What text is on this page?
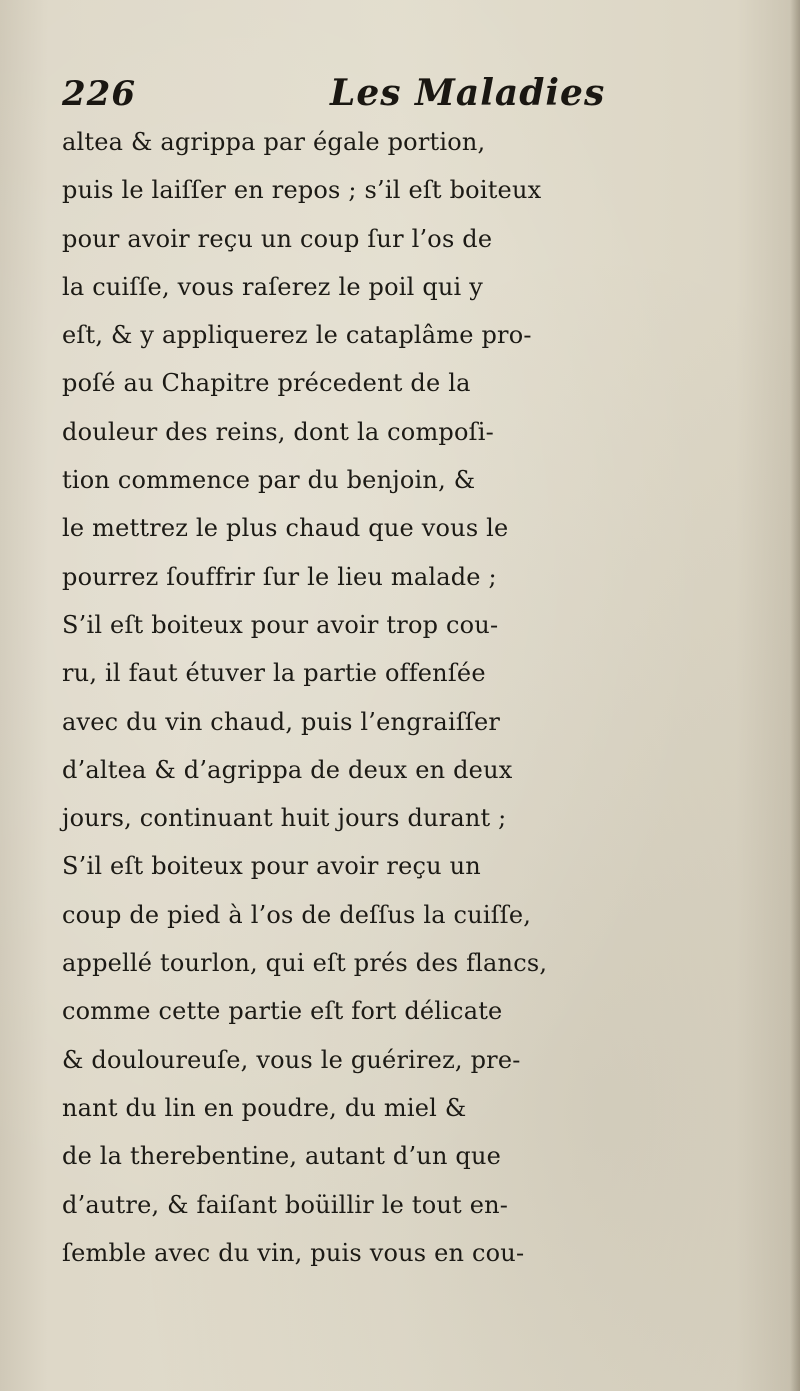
226	Les Maladies
altea & agrippa par égale portion,
puis le laiſſer en repos ; s’il eſt boiteux
pour avoir reçu un coup ſur l’os de
la cuiſſe, vous raſerez le poil qui y
eſt, & y appliquerez le cataplâme pro-
poſé au Chapitre précedent de la
douleur des reins, dont la compoſi-
tion commence par du benjoin, &
le mettrez le plus chaud que vous le
pourrez ſouffrir ſur le lieu malade ;
S’il eſt boiteux pour avoir trop cou-
ru, il faut étuver la partie offenſée
avec du vin chaud, puis l’engraiſſer
d’altea & d’agrippa de deux en deux
jours, continuant huit jours durant ;
S’il eſt boiteux pour avoir reçu un
coup de pied à l’os de deſſus la cuiſſe,
appellé tourlon, qui eſt prés des flancs,
comme cette partie eſt fort délicate
& douloureuſe, vous le guérirez, pre-
nant du lin en poudre, du miel &
de la therebentine, autant d’un que
d’autre, & faiſant boüillir le tout en-
ſemble avec du vin, puis vous en cou-
